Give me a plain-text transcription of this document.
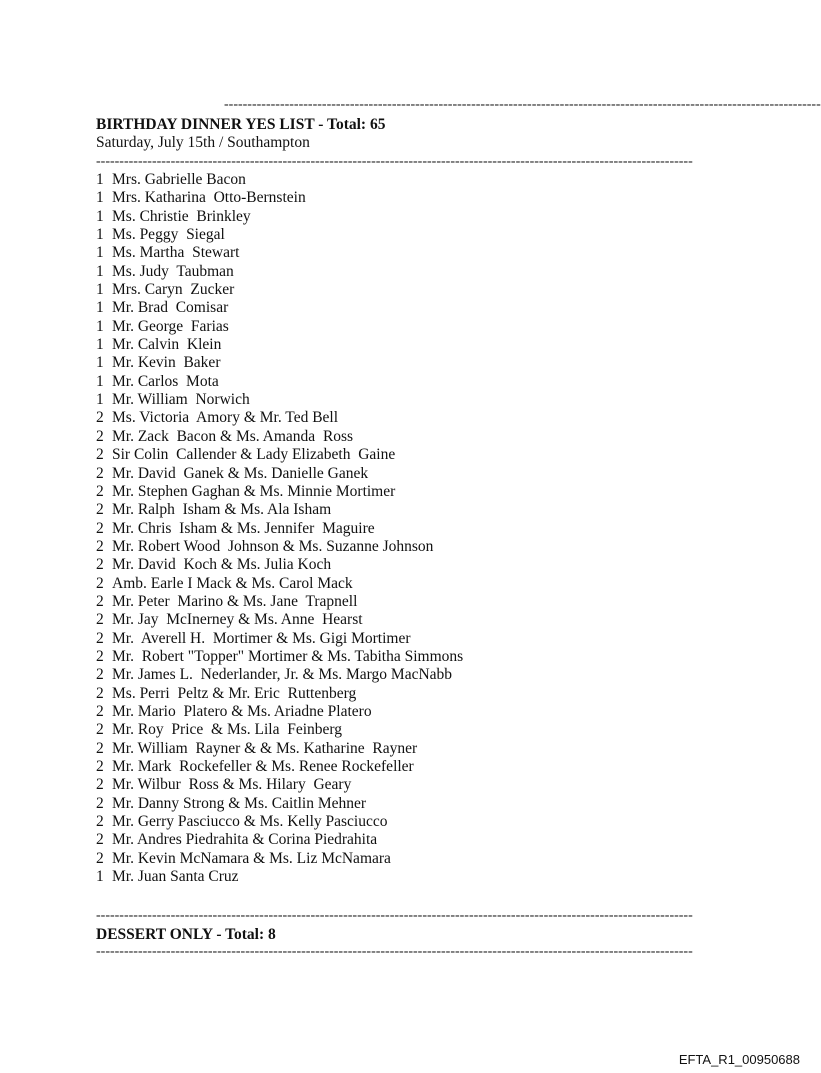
--------------------------------------------------------------------------------------------------------------------------------
BIRTHDAY DINNER YES LIST - Total: 65
Saturday, July 15th / Southampton
--------------------------------------------------------------------------------------------------------------------------------
1 Mrs. Gabrielle Bacon
1 Mrs. Katharina  Otto-Bernstein
1 Ms. Christie  Brinkley
1 Ms. Peggy  Siegal
1 Ms. Martha  Stewart
1 Ms. Judy  Taubman
1 Mrs. Caryn  Zucker
1 Mr. Brad  Comisar
1 Mr. George  Farias
1 Mr. Calvin  Klein
1 Mr. Kevin  Baker
1 Mr. Carlos  Mota
1 Mr. William  Norwich
2 Ms. Victoria  Amory & Mr. Ted Bell
2 Mr. Zack  Bacon & Ms. Amanda  Ross
2 Sir Colin  Callender & Lady Elizabeth  Gaine
2 Mr. David  Ganek & Ms. Danielle Ganek
2 Mr. Stephen Gaghan & Ms. Minnie Mortimer
2 Mr. Ralph  Isham & Ms. Ala Isham
2 Mr. Chris  Isham & Ms. Jennifer  Maguire
2 Mr. Robert Wood  Johnson & Ms. Suzanne Johnson
2 Mr. David  Koch & Ms. Julia Koch
2 Amb. Earle I Mack & Ms. Carol Mack
2 Mr. Peter  Marino & Ms. Jane  Trapnell
2 Mr. Jay  McInerney & Ms. Anne  Hearst
2 Mr.  Averell H.  Mortimer & Ms. Gigi Mortimer
2 Mr.  Robert "Topper" Mortimer & Ms. Tabitha Simmons
2 Mr. James L.  Nederlander, Jr. & Ms. Margo MacNabb
2 Ms. Perri  Peltz & Mr. Eric  Ruttenberg
2 Mr. Mario  Platero & Ms. Ariadne Platero
2 Mr. Roy  Price  & Ms. Lila  Feinberg
2 Mr. William  Rayner & & Ms. Katharine  Rayner
2 Mr. Mark  Rockefeller & Ms. Renee Rockefeller
2 Mr. Wilbur  Ross & Ms. Hilary  Geary
2 Mr. Danny Strong & Ms. Caitlin Mehner
2 Mr. Gerry Pasciucco & Ms. Kelly Pasciucco
2 Mr. Andres Piedrahita & Corina Piedrahita
2 Mr. Kevin McNamara & Ms. Liz McNamara
1 Mr. Juan Santa Cruz
--------------------------------------------------------------------------------------------------------------------------------
DESSERT ONLY - Total: 8
--------------------------------------------------------------------------------------------------------------------------------
EFTA_R1_00950688
